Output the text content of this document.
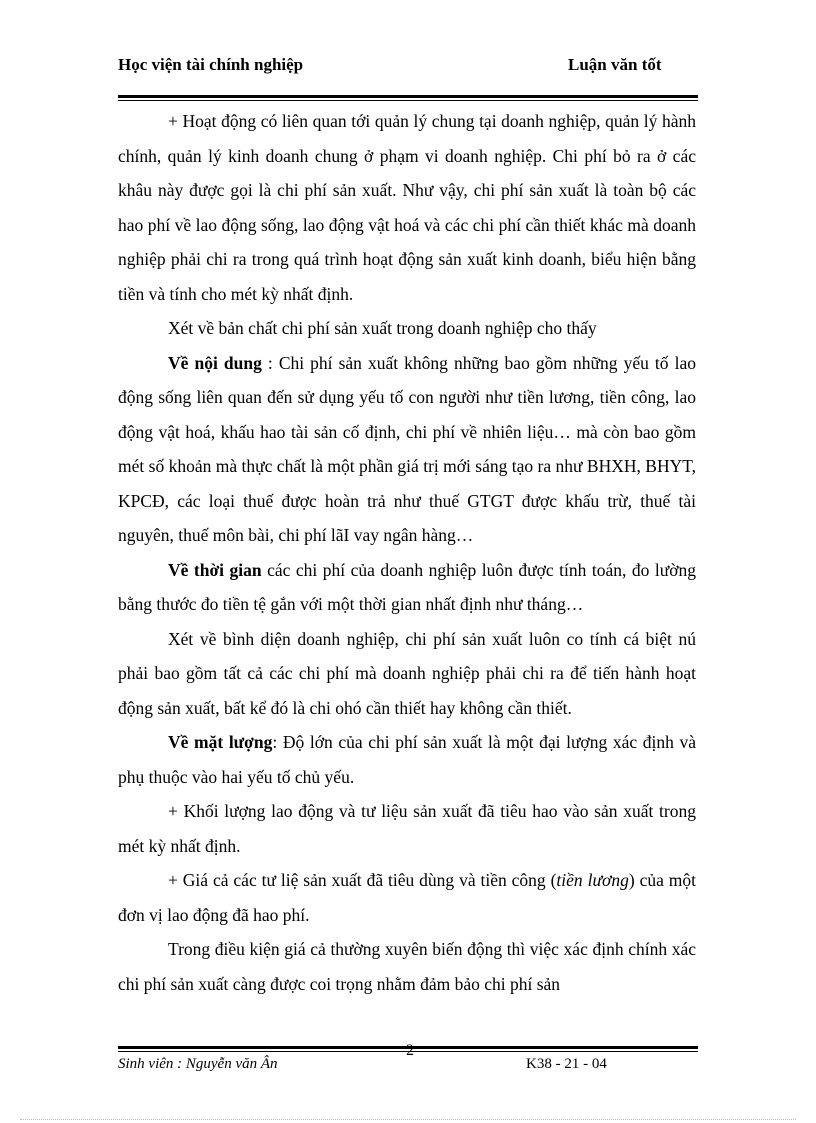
Học viện tài chính nghiệp	Luận văn tốt

+ Hoạt động có liên quan tới quản lý chung tại doanh nghiệp, quản lý hành chính, quản lý kinh doanh chung ở phạm vi doanh nghiệp. Chi phí bỏ ra ở các khâu này được gọi là chi phí sản xuất. Như vậy, chi phí sản xuất là toàn bộ các hao phí về lao động sống, lao động vật hoá và các chi phí cần thiết khác mà doanh nghiệp phải chi ra trong quá trình hoạt động sản xuất kinh doanh, biểu hiện bằng tiền và tính cho mét kỳ nhất định.

Xét về bản chất chi phí sản xuất trong doanh nghiệp cho thấy

Về nội dung : Chi phí sản xuất không những bao gồm những yếu tố lao động sống liên quan đến sử dụng yếu tố con người như tiền lương, tiền công, lao động vật hoá, khấu hao tài sản cố định, chi phí về nhiên liệu… mà còn bao gồm mét số khoản mà thực chất là một phần giá trị mới sáng tạo ra như BHXH, BHYT, KPCĐ, các loại thuế được hoàn trả như thuế GTGT được khấu trừ, thuế tài nguyên, thuế môn bài, chi phí lãI vay ngân hàng…

Về thời gian các chi phí của doanh nghiệp luôn được tính toán, đo lường bằng thước đo tiền tệ gắn với một thời gian nhất định như tháng…

Xét về bình diện doanh nghiệp, chi phí sản xuất luôn co tính cá biệt nú phải bao gồm tất cả các chi phí mà doanh nghiệp phải chi ra để tiến hành hoạt động sản xuất, bất kể đó là chi ohó cần thiết hay không cần thiết.

Về mặt lượng: Độ lớn của chi phí sản xuất là một đại lượng xác định và phụ thuộc vào hai yếu tố chủ yếu.

+ Khối lượng lao động và tư liệu sản xuất đã tiêu hao vào sản xuất trong mét kỳ nhất định.

+ Giá cả các tư liệ sản xuất đã tiêu dùng và tiền công (tiền lương) của một đơn vị lao động đã hao phí.

Trong điều kiện giá cả thường xuyên biến động thì việc xác định chính xác chi phí sản xuất càng được coi trọng nhằm đảm bảo chi phí sản

Sinh viên : Nguyễn văn Ân
2
K38 - 21 - 04
